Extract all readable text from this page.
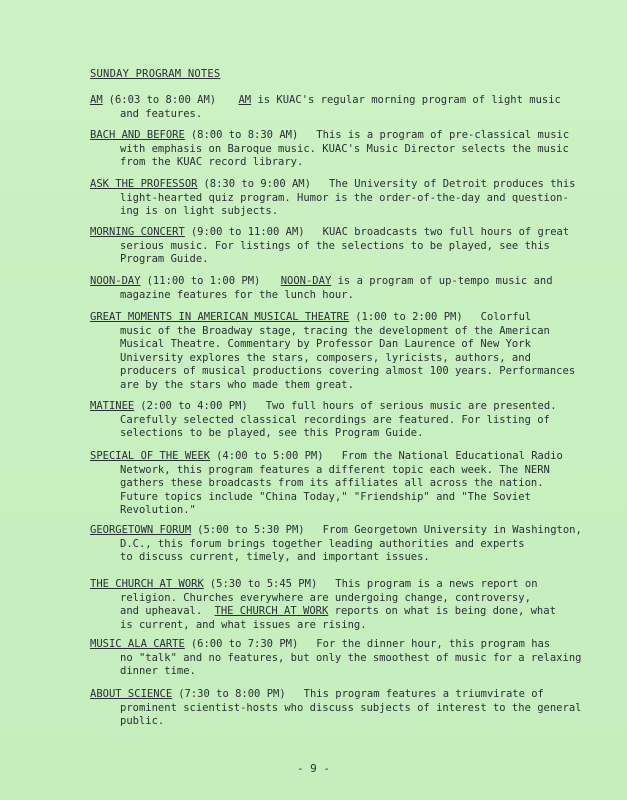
SUNDAY PROGRAM NOTES
AM (6:03 to 8:00 AM) AM is KUAC's regular morning program of light music
and features.
BACH AND BEFORE (8:00 to 8:30 AM) This is a program of pre-classical music
with emphasis on Baroque music. KUAC's Music Director selects the music
from the KUAC record library.
ASK THE PROFESSOR (8:30 to 9:00 AM) The University of Detroit produces this
light-hearted quiz program. Humor is the order-of-the-day and question-
ing is on light subjects.
MORNING CONCERT (9:00 to 11:00 AM) KUAC broadcasts two full hours of great
serious music. For listings of the selections to be played, see this
Program Guide.
NOON-DAY (11:00 to 1:00 PM) NOON-DAY is a program of up-tempo music and
magazine features for the lunch hour.
GREAT MOMENTS IN AMERICAN MUSICAL THEATRE (1:00 to 2:00 PM) Colorful
music of the Broadway stage, tracing the development of the American
Musical Theatre. Commentary by Professor Dan Laurence of New York
University explores the stars, composers, lyricists, authors, and
producers of musical productions covering almost 100 years. Performances
are by the stars who made them great.
MATINEE (2:00 to 4:00 PM) Two full hours of serious music are presented.
Carefully selected classical recordings are featured. For listing of
selections to be played, see this Program Guide.
SPECIAL OF THE WEEK (4:00 to 5:00 PM) From the National Educational Radio
Network, this program features a different topic each week. The NERN
gathers these broadcasts from its affiliates all across the nation.
Future topics include "China Today," "Friendship" and "The Soviet
Revolution."
GEORGETOWN FORUM (5:00 to 5:30 PM) From Georgetown University in Washington,
D.C., this forum brings together leading authorities and experts
to discuss current, timely, and important issues.
THE CHURCH AT WORK (5:30 to 5:45 PM) This program is a news report on
religion. Churches everywhere are undergoing change, controversy,
and upheaval. THE CHURCH AT WORK reports on what is being done, what
is current, and what issues are rising.
MUSIC ALA CARTE (6:00 to 7:30 PM) For the dinner hour, this program has
no "talk" and no features, but only the smoothest of music for a relaxing
dinner time.
ABOUT SCIENCE (7:30 to 8:00 PM) This program features a triumvirate of
prominent scientist-hosts who discuss subjects of interest to the general
public.
- 9 -
